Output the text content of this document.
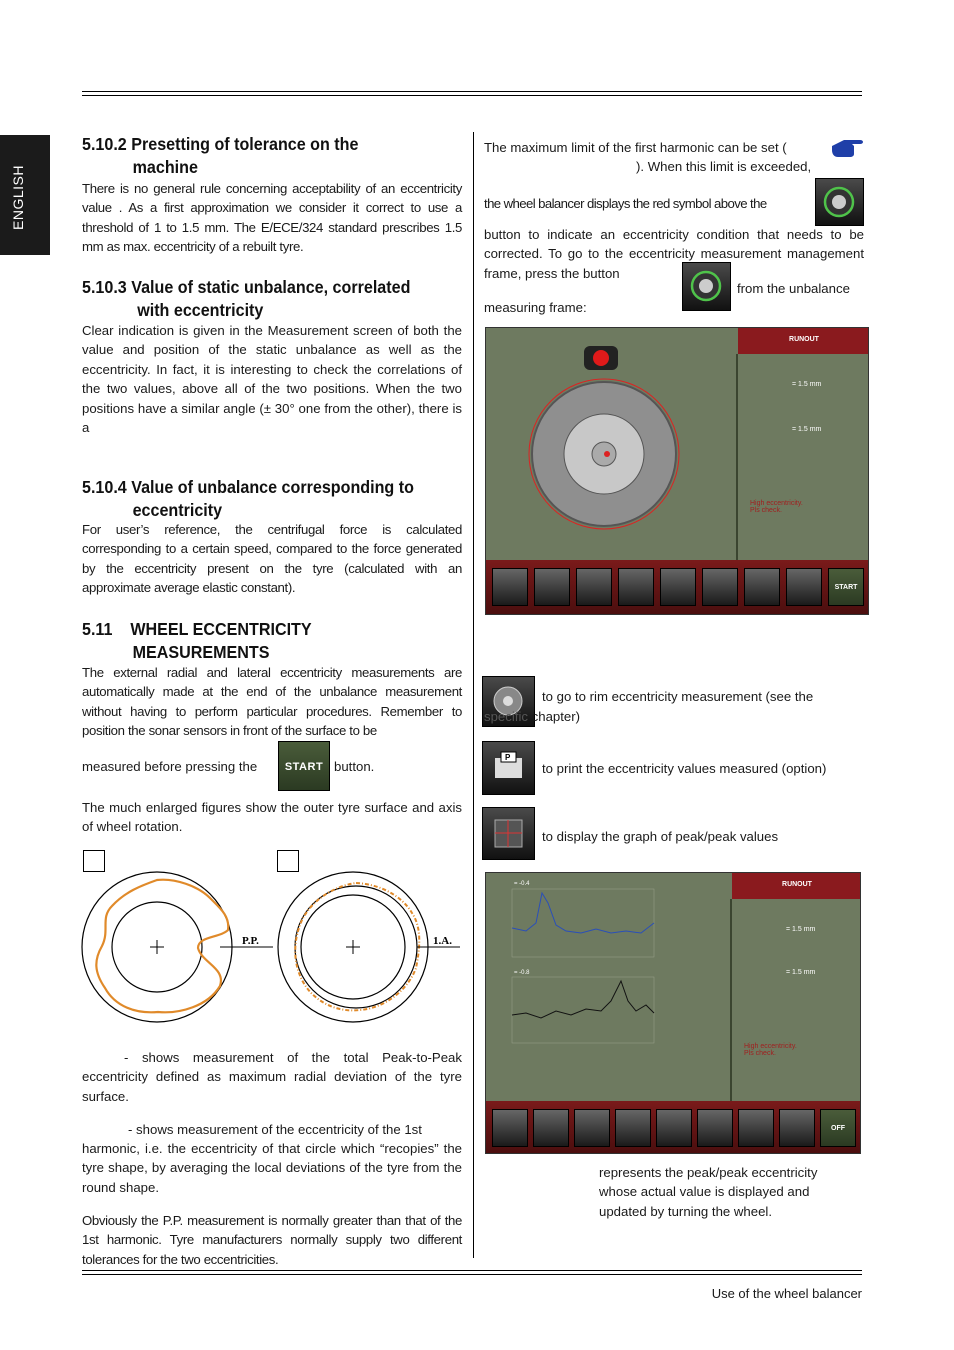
ENGLISH
5.10.2 Presetting of tolerance on the
machine

There is no general rule concerning acceptability of an eccentricity value . As a first approximation we consider it correct to use a threshold of 1 to 1.5 mm. The E/ECE/324 standard prescribes 1.5 mm as max. eccentricity of a rebuilt tyre.

5.10.3 Value of static unbalance, correlated
with eccentricity

Clear indication is given in the Measurement screen of both the value and position of the static unbalance as well as the eccentricity. In fact, it is interesting to check the correlations of the two values, above all of the two positions. When the two positions have a similar angle (± 30° one from the other), there is a

5.10.4 Value of unbalance corresponding to
eccentricity

For user’s reference, the centrifugal force is calculated corresponding to a certain speed, compared to the force generated by the eccentricity present on the tyre (calculated with an approximate average elastic constant).

5.11    WHEEL ECCENTRICITY
MEASUREMENTS

The external radial and lateral eccentricity measurements are automatically made at the end of the unbalance measurement without having to perform particular procedures. Remember to position the sonar sensors in front of the surface to be

measured before pressing the	START button.

The much enlarged figures show the outer tyre surface and axis of wheel rotation.

P.P.	1.A.

- shows measurement of the total Peak-to-Peak eccentricity defined as maximum radial deviation of the tyre surface.

- shows measurement of the eccentricity of the 1st

harmonic, i.e. the eccentricity of that circle which “recopies” the tyre shape, by averaging the local deviations of the tyre from the round shape.

Obviously the P.P. measurement is normally greater than that of the 1st harmonic. Tyre manufacturers normally supply two different tolerances for the two eccentricities.

The maximum limit of the first harmonic can be set (
). When this limit is exceeded,
the wheel balancer displays the red symbol above the

button to indicate an eccentricity condition that needs to be corrected. To go to the eccentricity measurement management frame, press the button

from the unbalance
measuring frame:
RUNOUT
= 1.5 mm
= 1.5 mm
High eccentricity.
Pls check.
START
to go to rim eccentricity measurement (see the
specific chapter)
P
to print the eccentricity values measured (option)
to display the graph of peak/peak values
= -0.4
= -0.8
RUNOUT
= 1.5 mm
= 1.5 mm
High eccentricity.
Pls check.
OFF

represents the peak/peak eccentricity whose actual value is displayed and updated by turning the wheel.

Use of the wheel balancer
